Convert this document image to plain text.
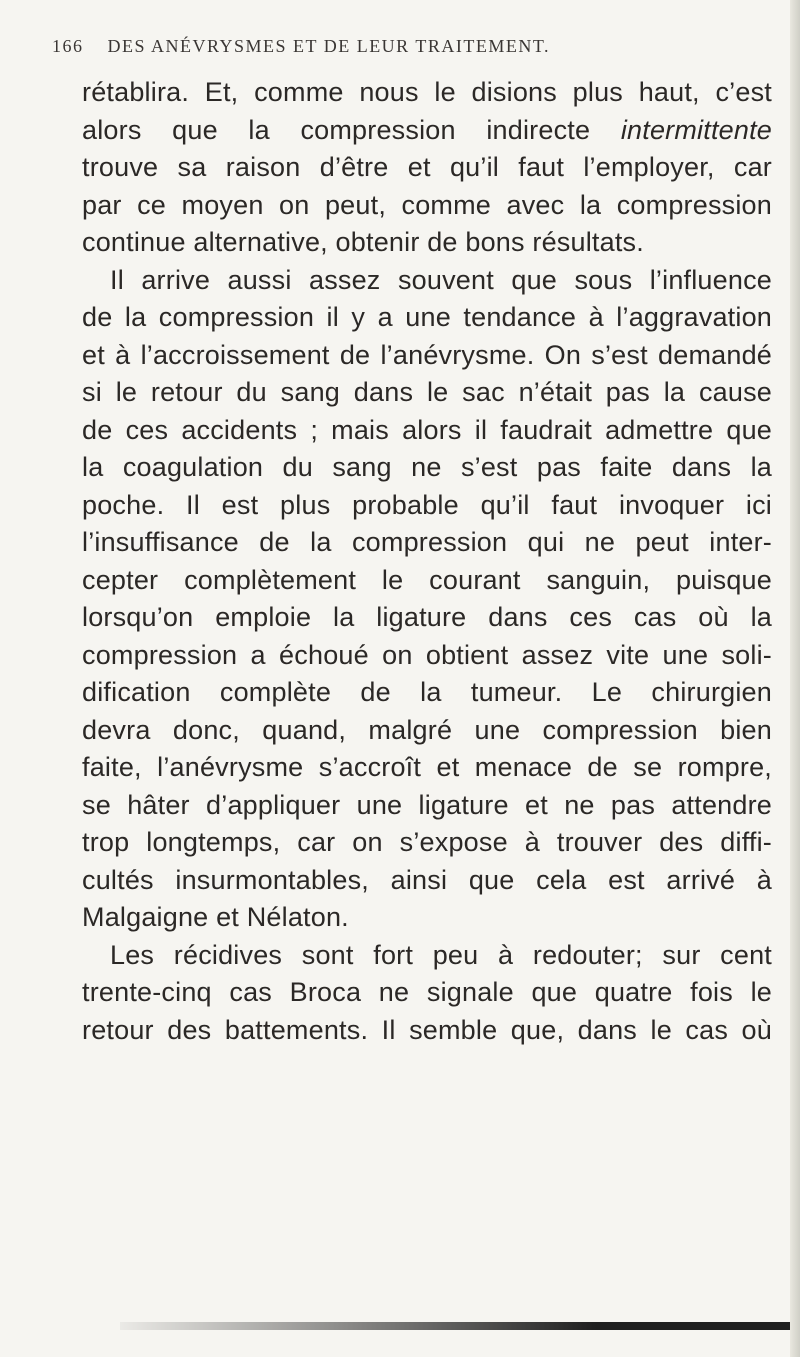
166 DES ANÉVRYSMES ET DE LEUR TRAITEMENT.
rétablira. Et, comme nous le disions plus haut, c’est
alors que la compression indirecte intermittente
trouve sa raison d’être et qu’il faut l’employer, car
par ce moyen on peut, comme avec la compression
continue alternative, obtenir de bons résultats.
Il arrive aussi assez souvent que sous l’influence
de la compression il y a une tendance à l’aggravation
et à l’accroissement de l’anévrysme. On s’est demandé
si le retour du sang dans le sac n’était pas la cause
de ces accidents ; mais alors il faudrait admettre que
la coagulation du sang ne s’est pas faite dans la
poche. Il est plus probable qu’il faut invoquer ici
l’insuffisance de la compression qui ne peut inter-
cepter complètement le courant sanguin, puisque
lorsqu’on emploie la ligature dans ces cas où la
compression a échoué on obtient assez vite une soli-
dification complète de la tumeur. Le chirurgien
devra donc, quand, malgré une compression bien
faite, l’anévrysme s’accroît et menace de se rompre,
se hâter d’appliquer une ligature et ne pas attendre
trop longtemps, car on s’expose à trouver des diffi-
cultés insurmontables, ainsi que cela est arrivé à
Malgaigne et Nélaton.
Les récidives sont fort peu à redouter; sur cent
trente-cinq cas Broca ne signale que quatre fois le
retour des battements. Il semble que, dans le cas où
